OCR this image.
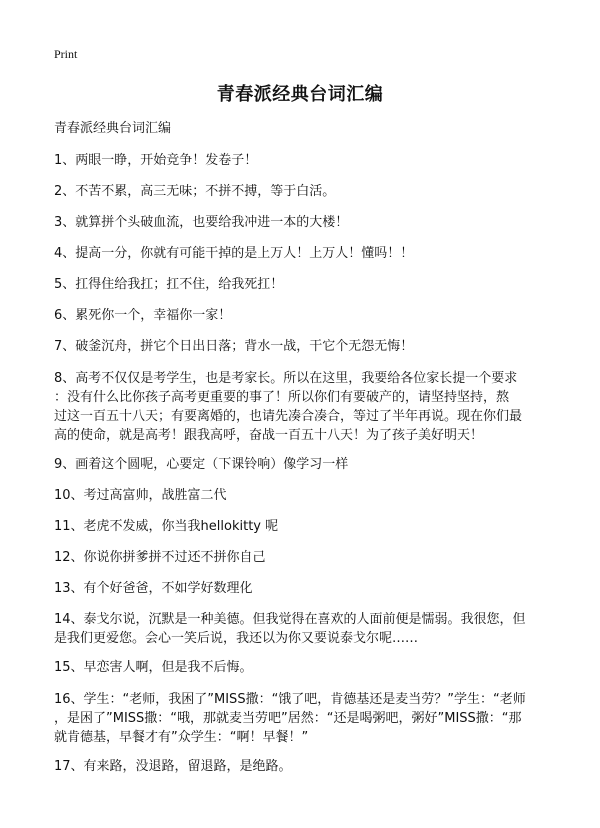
Print
青春派经典台词汇编

青春派经典台词汇编

1、两眼一睁，开始竞争！发卷子！

2、不苦不累，高三无味；不拼不搏，等于白活。

3、就算拼个头破血流，也要给我冲进一本的大楼！

4、提高一分，你就有可能干掉的是上万人！上万人！懂吗！！

5、扛得住给我扛；扛不住，给我死扛！

6、累死你一个，幸福你一家！

7、破釜沉舟，拼它个日出日落；背水一战，干它个无怨无悔！

8、高考不仅仅是考学生，也是考家长。所以在这里，我要给各位家长提一个要求
：没有什么比你孩子高考更重要的事了！所以你们有要破产的，请坚持坚持，熬
过这一百五十八天；有要离婚的，也请先凑合凑合，等过了半年再说。现在你们最
高的使命，就是高考！跟我高呼，奋战一百五十八天！为了孩子美好明天！

9、画着这个圆呢，心要定（下课铃响）像学习一样

10、考过高富帅，战胜富二代

11、老虎不发威，你当我hellokitty 呢

12、你说你拼爹拼不过还不拼你自己

13、有个好爸爸，不如学好数理化

14、泰戈尔说，沉默是一种美德。但我觉得在喜欢的人面前便是懦弱。我很您，但
是我们更爱您。会心一笑后说，我还以为你又要说泰戈尔呢……

15、早恋害人啊，但是我不后悔。

16、学生：“老师，我困了”MISS撒：“饿了吧，肯德基还是麦当劳？”学生：“老师
，是困了”MISS撒：“哦，那就麦当劳吧”居然：“还是喝粥吧，粥好”MISS撒：“那
就肯德基，早餐才有”众学生：“啊！早餐！”

17、有来路，没退路，留退路，是绝路。
